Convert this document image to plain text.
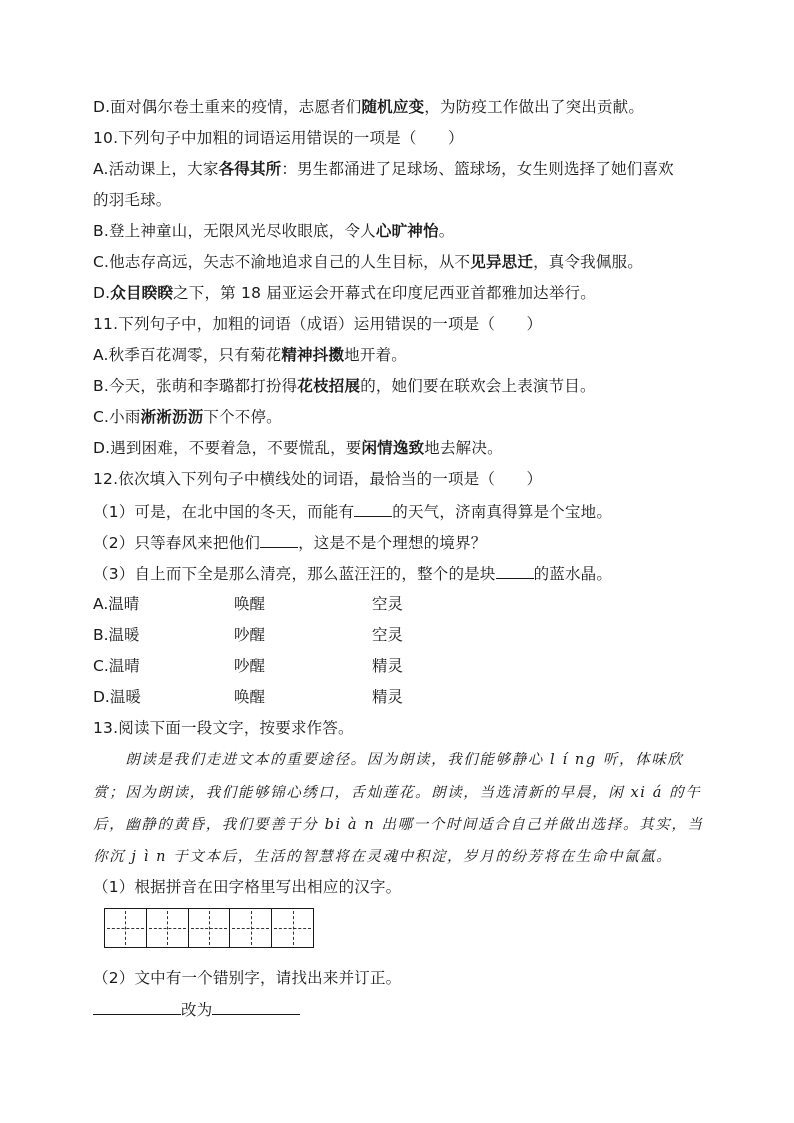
D.面对偶尔卷土重来的疫情，志愿者们随机应变，为防疫工作做出了突出贡献。
10.下列句子中加粗的词语运用错误的一项是（　　）
A.活动课上，大家各得其所：男生都涌进了足球场、篮球场，女生则选择了她们喜欢
的羽毛球。
B.登上神童山，无限风光尽收眼底，令人心旷神怡。
C.他志存高远，矢志不渝地追求自己的人生目标，从不见异思迁，真令我佩服。
D.众目睽睽之下，第 18 届亚运会开幕式在印度尼西亚首都雅加达举行。
11.下列句子中，加粗的词语（成语）运用错误的一项是（　　）
A.秋季百花凋零，只有菊花精神抖擞地开着。
B.今天，张萌和李璐都打扮得花枝招展的，她们要在联欢会上表演节目。
C.小雨淅淅沥沥下个不停。
D.遇到困难，不要着急，不要慌乱，要闲情逸致地去解决。
12.依次填入下列句子中横线处的词语，最恰当的一项是（　　）
（1）可是，在北中国的冬天，而能有 的天气，济南真得算是个宝地。
（2）只等春风来把他们 ，这是不是个理想的境界？
（3）自上而下全是那么清亮，那么蓝汪汪的，整个的是块 的蓝水晶。
A.温晴	唤醒	空灵
B.温暖	吵醒	空灵
C.温晴	吵醒	精灵
D.温暖	唤醒	精灵
13.阅读下面一段文字，按要求作答。
　　朗读是我们走进文本的重要途径。因为朗读，我们能够静心 l í ng 听，体味欣
赏；因为朗读，我们能够锦心绣口，舌灿莲花。朗读，当选清新的早晨，闲 xi á 的午
后，幽静的黄昏，我们要善于分 bi à n 出哪一个时间适合自己并做出选择。其实，当
你沉 j ì n 于文本后，生活的智慧将在灵魂中积淀，岁月的纷芳将在生命中氤氲。
（1）根据拼音在田字格里写出相应的汉字。
（2）文中有一个错别字，请找出来并订正。
改为
